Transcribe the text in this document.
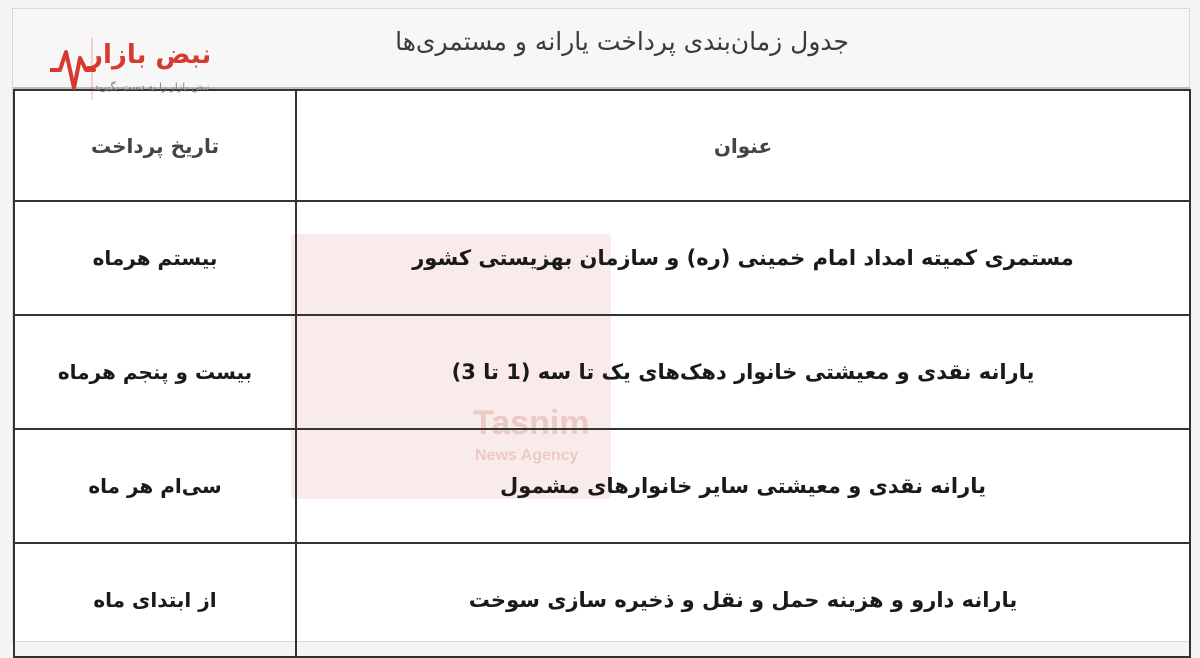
جدول زمان‌بندی پرداخت یارانه و مستمری‌ها
Tasnim
News Agency
تاریخ پرداخت	عنوان
بیستم هرماه	مستمری کمیته امداد امام خمینی (ره) و سازمان بهزیستی کشور
بیست و پنجم هرماه	یارانه نقدی و معیشتی خانوار دهک‌های یک تا سه (1 تا 3)
سی‌ام هر ماه	یارانه نقدی و معیشتی سایر خانوارهای مشمول
از ابتدای ماه	یارانه دارو و هزینه حمل و نقل و ذخیره سازی سوخت
نبض بازار
نبض بازار را به دست بگیرید
